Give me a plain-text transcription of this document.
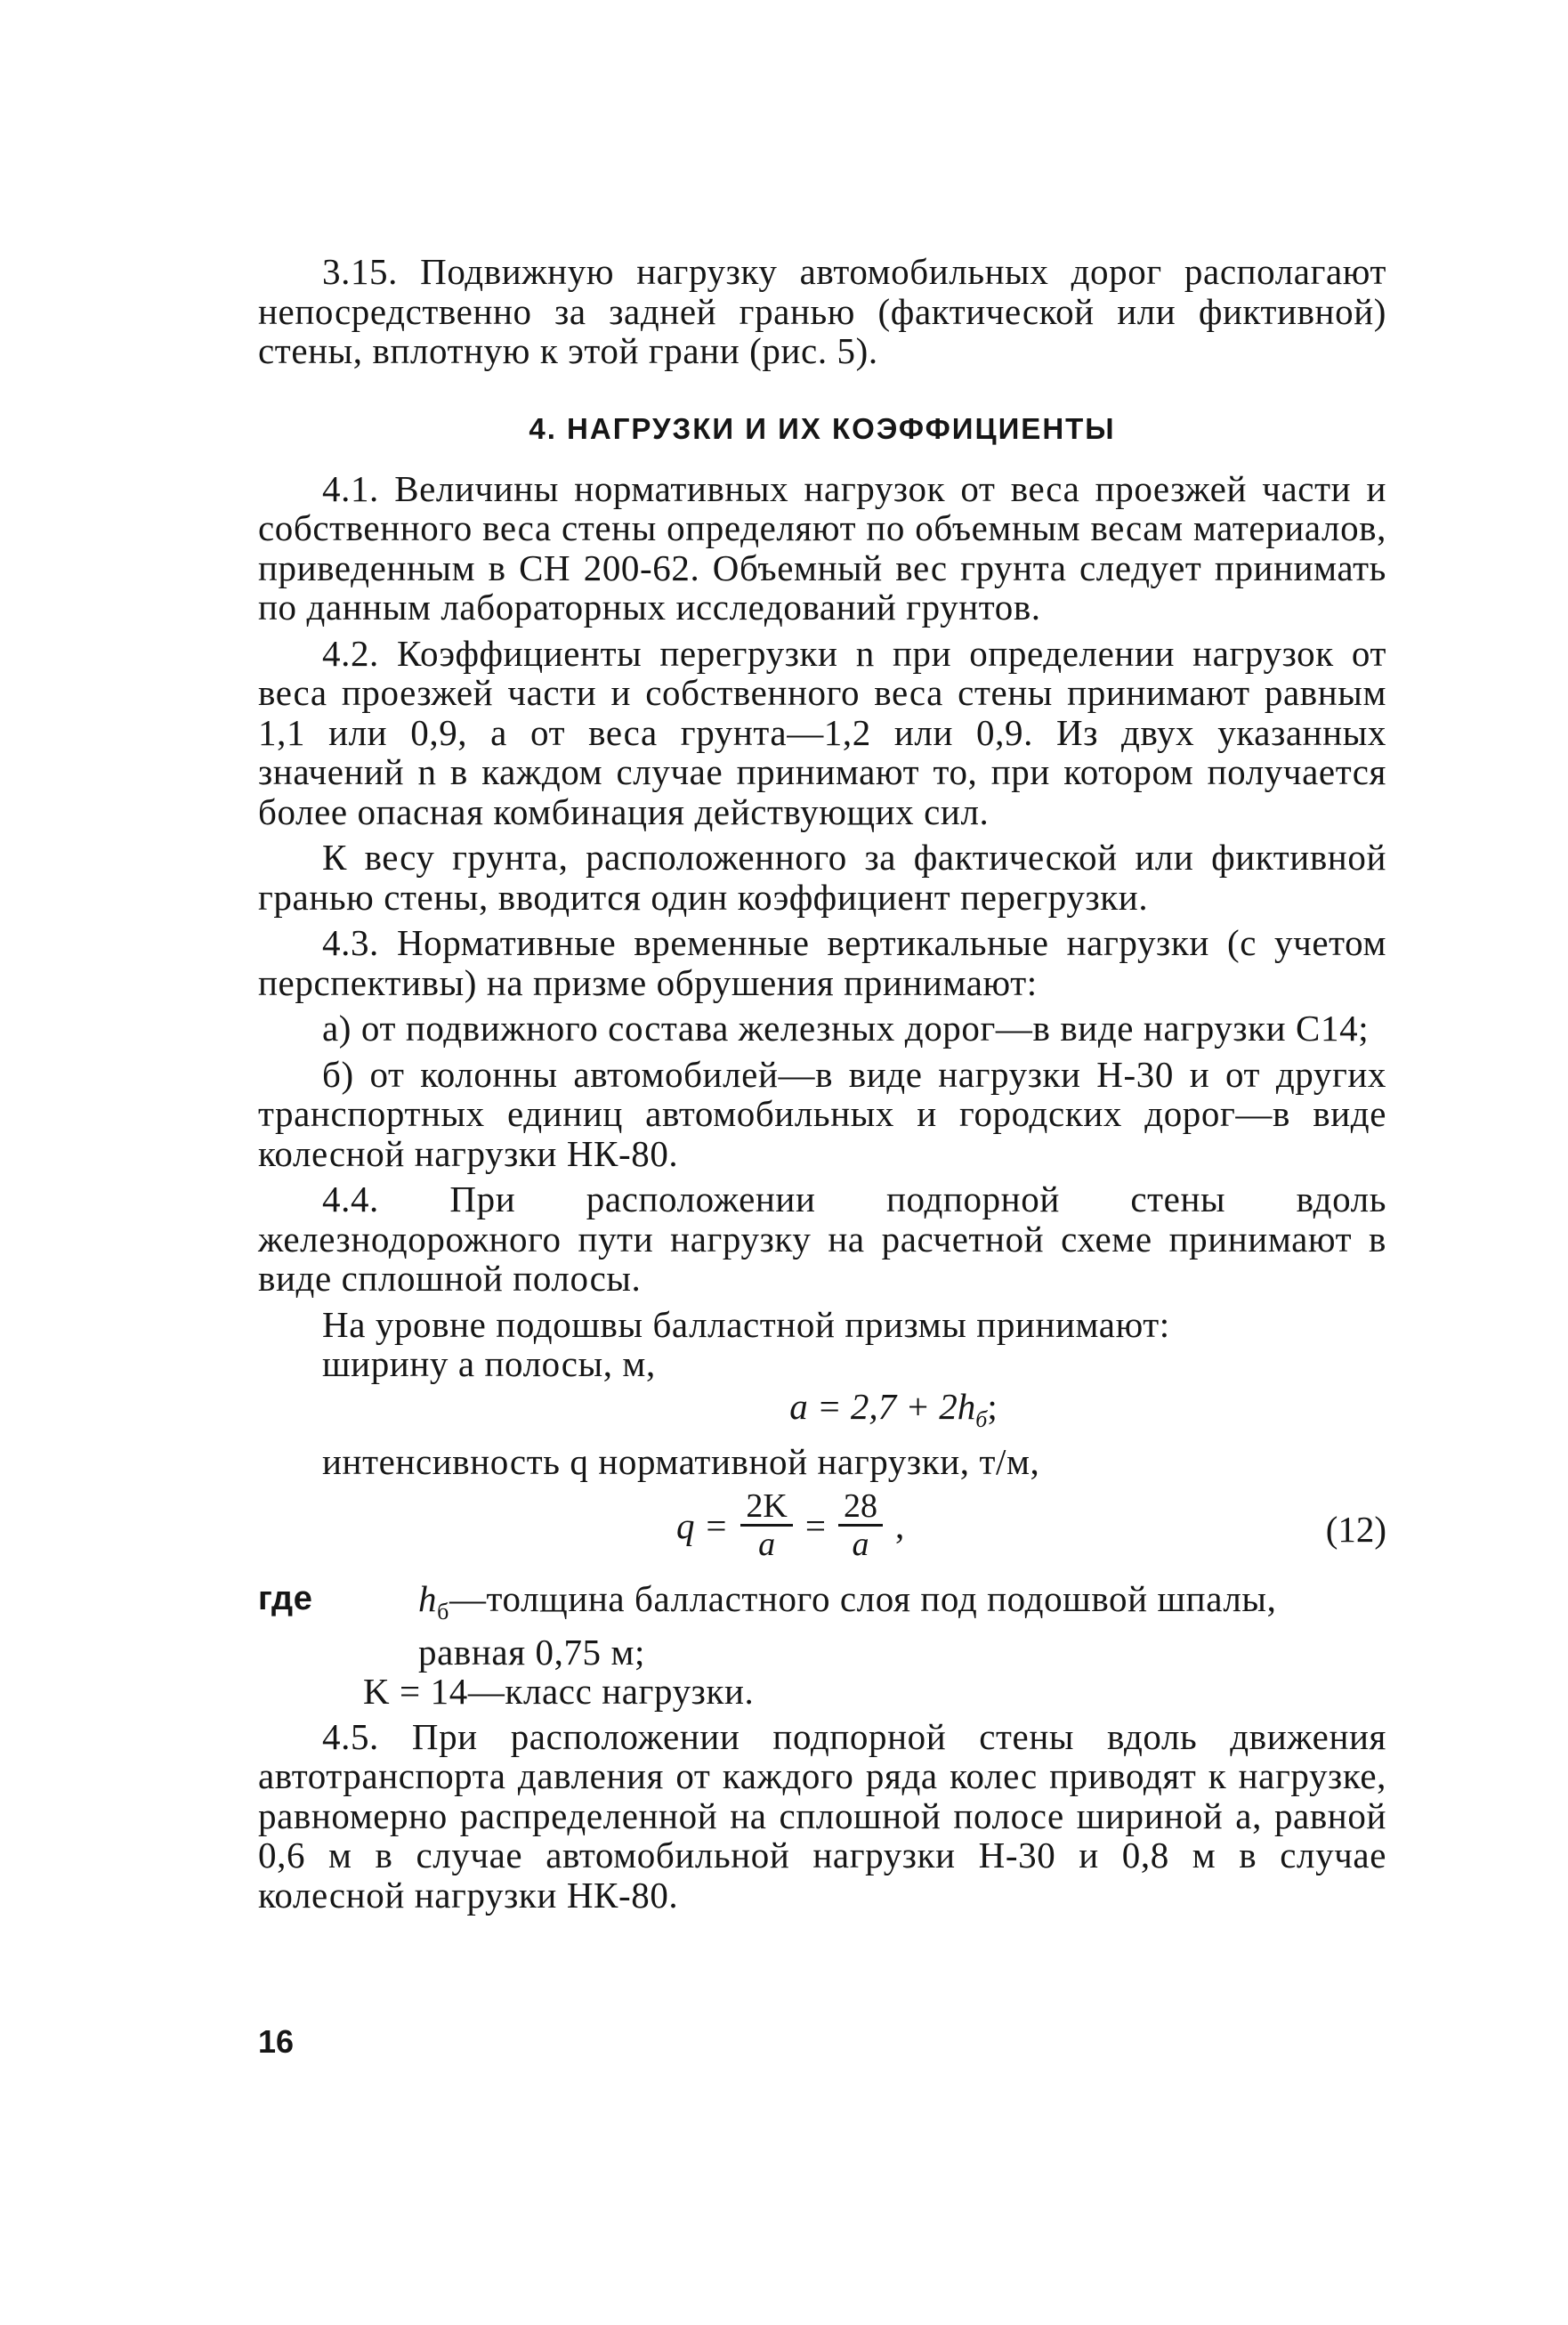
3.15. Подвижную нагрузку автомобильных дорог располагают непосредственно за задней гранью (фактической или фиктивной) стены, вплотную к этой грани (рис. 5).

4. НАГРУЗКИ И ИХ КОЭФФИЦИЕНТЫ

4.1. Величины нормативных нагрузок от веса проезжей части и собственного веса стены определяют по объемным весам материалов, приведенным в СН 200-62. Объемный вес грунта следует принимать по данным лабораторных исследований грунтов.

4.2. Коэффициенты перегрузки n при определении нагрузок от веса проезжей части и собственного веса стены принимают равным 1,1 или 0,9, а от веса грунта—1,2 или 0,9. Из двух указанных значений n в каждом случае принимают то, при котором получается более опасная комбинация действующих сил.

К весу грунта, расположенного за фактической или фиктивной гранью стены, вводится один коэффициент перегрузки.

4.3. Нормативные временные вертикальные нагрузки (с учетом перспективы) на призме обрушения принимают:

а) от подвижного состава железных дорог—в виде нагрузки С14;

б) от колонны автомобилей—в виде нагрузки Н-30 и от других транспортных единиц автомобильных и городских дорог—в виде колесной нагрузки НК-80.

4.4. При расположении подпорной стены вдоль железнодорожного пути нагрузку на расчетной схеме принимают в виде сплошной полосы.

На уровне подошвы балластной призмы принимают:
ширину a полосы, м,
$a = 2,7 + 2h_б$;
интенсивность q нормативной нагрузки, т/м,
$q = \frac{2K}{a} = \frac{28}{a}$ ,	(12)
где	$h_б—толщина$ балластного слоя под подошвой шпалы, равная 0,75 м;
K = 14—класс нагрузки.

4.5. При расположении подпорной стены вдоль движения автотранспорта давления от каждого ряда колес приводят к нагрузке, равномерно распределенной на сплошной полосе шириной a, равной 0,6 м в случае автомобильной нагрузки Н-30 и 0,8 м в случае колесной нагрузки НК-80.

16
